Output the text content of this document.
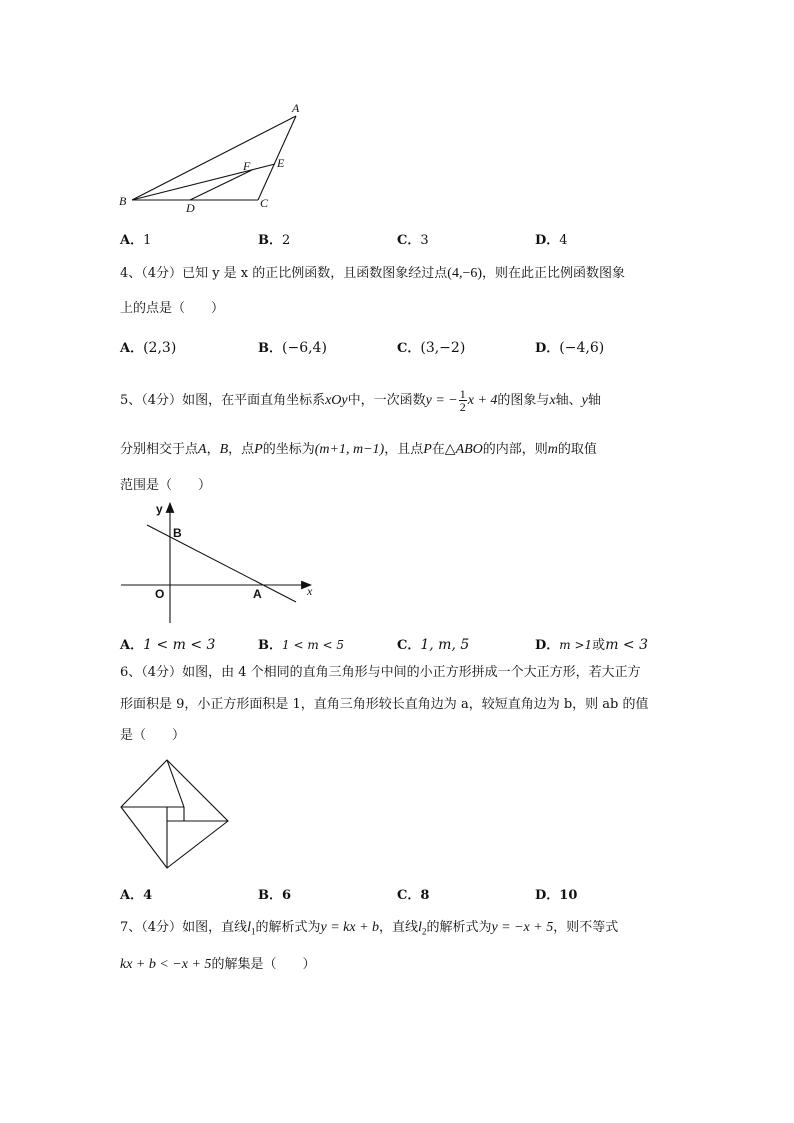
A
B	C
D
E
F
A．1	B．2	C．3	D．4
4、（4分）已知 y 是 x 的正比例函数，且函数图象经过点(4,−6)，则在此正比例函数图象
上的点是（　　）
A．(2,3)	B．(−6,4)	C．(3,−2)	D．(−4,6)
5、（4分）如图，在平面直角坐标系xOy中，一次函数y = − $\frac{1}{2}$ x + 4的图象与x轴、y轴
分别相交于点A，B，点P的坐标为(m+1, m−1)，且点P在△ABO的内部，则m的取值
范围是（　　）
y
x
B
O	A
A．1 < m < 3	B．1 < m < 5	C．1, m, 5	D．m >1或m < 3
6、（4分）如图，由 4 个相同的直角三角形与中间的小正方形拼成一个大正方形，若大正方
形面积是 9，小正方形面积是 1，直角三角形较长直角边为 a，较短直角边为 b，则 ab 的值
是（　　）
A．4	B．6	C．8	D．10
7、（4分）如图，直线$l_1$的解析式为y = kx + b，直线$l_2$的解析式为y = −x + 5，则不等式
kx + b < −x + 5的解集是（　　）
